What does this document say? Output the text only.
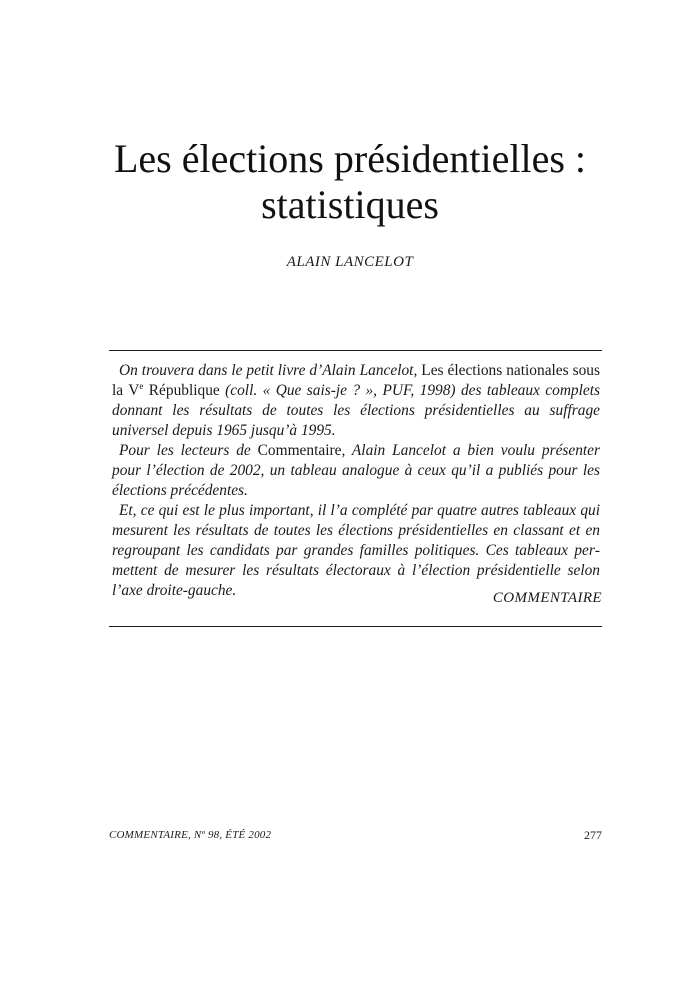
Les élections présidentielles :
statistiques
ALAIN LANCELOT

On trouvera dans le petit livre d’Alain Lancelot, Les élections nationales sous la Ve République (coll. « Que sais-je ? », PUF, 1998) des tableaux complets donnant les résultats de toutes les élections présidentielles au suffrage universel depuis 1965 jusqu’à 1995.

Pour les lecteurs de Commentaire, Alain Lancelot a bien voulu présenter pour l’élection de 2002, un tableau analogue à ceux qu’il a publiés pour les élections précédentes.

Et, ce qui est le plus important, il l’a complété par quatre autres tableaux qui mesurent les résultats de toutes les élections présidentielles en classant et en regroupant les candidats par grandes familles politiques. Ces tableaux permettent de mesurer les résultats électoraux à l’élection présidentielle selon l’axe droite-gauche.	COMMENTAIRE
COMMENTAIRE, Nº 98, ÉTÉ 2002	277
